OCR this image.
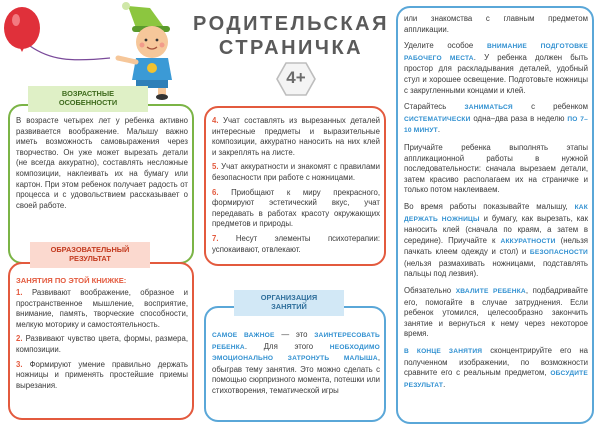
РОДИТЕЛЬСКАЯ
СТРАНИЧКА
4+
ВОЗРАСТНЫЕ
ОСОБЕННОСТИ

В возрасте четырех лет у ребенка активно развивается воображение. Малышу важно иметь возможность самовыражения через творчество. Он уже может вырезать детали (не всегда аккуратно), составлять несложные композиции, наклеивать их на бумагу или картон. При этом ребенок получает радость от процесса и с удовольствием рассказывает о своей работе.

ОБРАЗОВАТЕЛЬНЫЙ
РЕЗУЛЬТАТ
ЗАНЯТИЯ ПО ЭТОЙ КНИЖКЕ:
1. Развивают воображение, образное и пространственное мышление, восприятие, внимание, память, творческие способности, мелкую моторику и самостоятельность.
2. Развивают чувство цвета, формы, размера, композиции.
3. Формируют умение правильно держать ножницы и применять простейшие приемы вырезания.
4. Учат составлять из вырезанных деталей интересные предметы и выразительные композиции, аккуратно наносить на них клей и закреплять на листе.
5. Учат аккуратности и знакомят с правилами безопасности при работе с ножницами.
6. Приобщают к миру прекрасного, формируют эстетический вкус, учат передавать в работах красоту окружающих предметов и природы.
7. Несут элементы психотерапии: успокаивают, отвлекают.
ОРГАНИЗАЦИЯ
ЗАНЯТИЙ

САМОЕ ВАЖНОЕ — это ЗАИНТЕРЕСОВАТЬ РЕБЕНКА. Для этого НЕОБХОДИМО ЭМОЦИОНАЛЬНО ЗАТРОНУТЬ МАЛЫША, обыграв тему занятия. Это можно сделать с помощью сюрпризного момента, потешки или стихотворения, тематической игры

или знакомства с главным предметом аппликации.

Уделите особое ВНИМАНИЕ ПОДГОТОВКЕ РАБОЧЕГО МЕСТА. У ребенка должен быть простор для раскладывания деталей, удобный стул и хорошее освещение. Подготовьте ножницы с закругленными концами и клей.

Старайтесь ЗАНИМАТЬСЯ с ребенком СИСТЕМАТИЧЕСКИ одна–два раза в неделю ПО 7–10 МИНУТ.

Приучайте ребенка выполнять этапы аппликационной работы в нужной последовательности: сначала вырезаем детали, затем красиво располагаем их на страничке и только потом наклеиваем.

Во время работы показывайте малышу, КАК ДЕРЖАТЬ НОЖНИЦЫ и бумагу, как вырезать, как наносить клей (сначала по краям, а затем в середине). Приучайте к АККУРАТНОСТИ (нельзя пачкать клеем одежду и стол) и БЕЗОПАСНОСТИ (нельзя размахивать ножницами, подставлять пальцы под лезвия).

Обязательно ХВАЛИТЕ РЕБЕНКА, подбадривайте его, помогайте в случае затруднения. Если ребенок утомился, целесообразно закончить занятие и вернуться к нему через некоторое время.

В КОНЦЕ ЗАНЯТИЯ сконцентрируйте его на полученном изображении, по возможности сравните его с реальным предметом, ОБСУДИТЕ РЕЗУЛЬТАТ.
